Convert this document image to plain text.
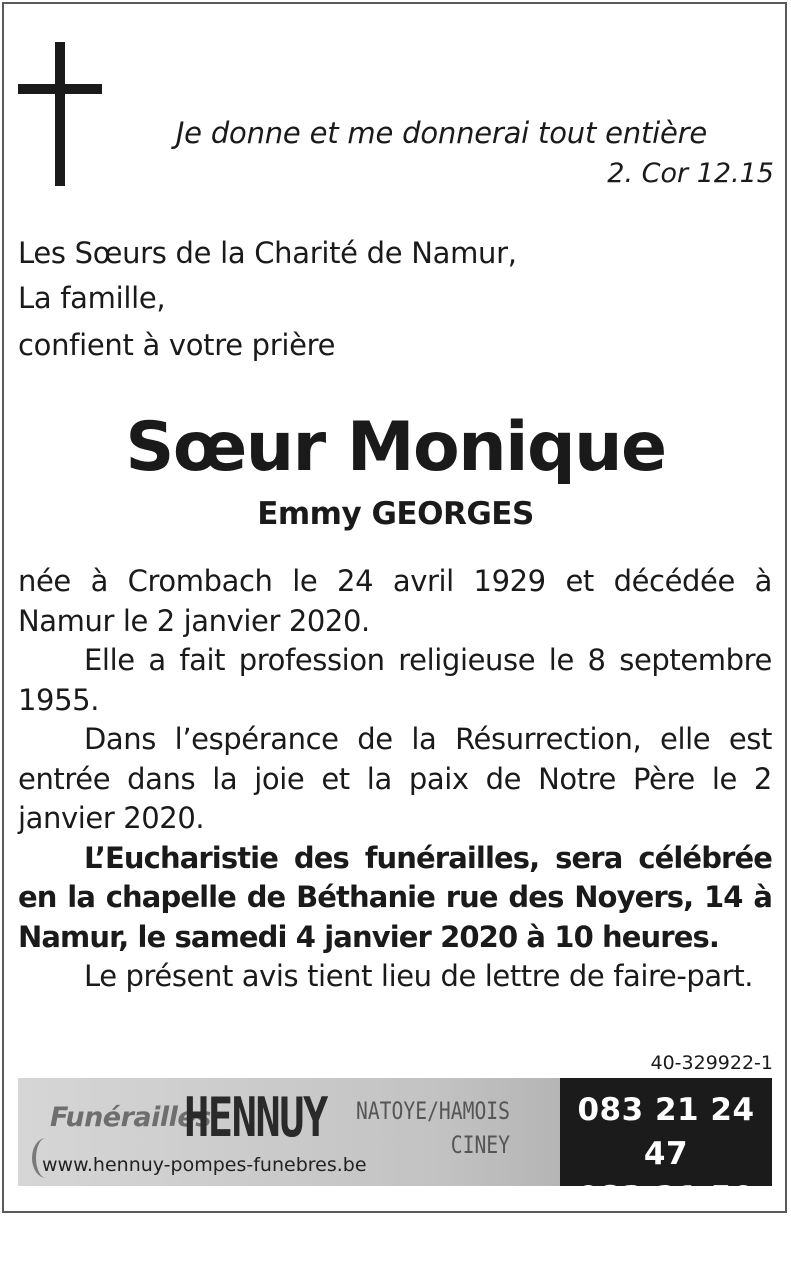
Je donne et me donnerai tout entière
2. Cor 12.15
Les Sœurs de la Charité de Namur,
La famille,
confient à votre prière
Sœur Monique
Emmy GEORGES

née à Crombach le 24 avril 1929 et décédée à Namur le 2 janvier 2020.

Elle a fait profession religieuse le 8 septembre 1955.

Dans l’espérance de la Résurrection, elle est entrée dans la joie et la paix de Notre Père le 2 janvier 2020.

L’Eucharistie des funérailles, sera célébrée en la chapelle de Béthanie rue des Noyers, 14 à Namur, le samedi 4 janvier 2020 à 10 heures.

Le présent avis tient lieu de lettre de faire-part.

40-329922-1
Funérailles
HENNUY NATOYE/HAMOIS
CINEY
www.hennuy-pompes-funebres.be
083 21 24 47
083 21 50 50
